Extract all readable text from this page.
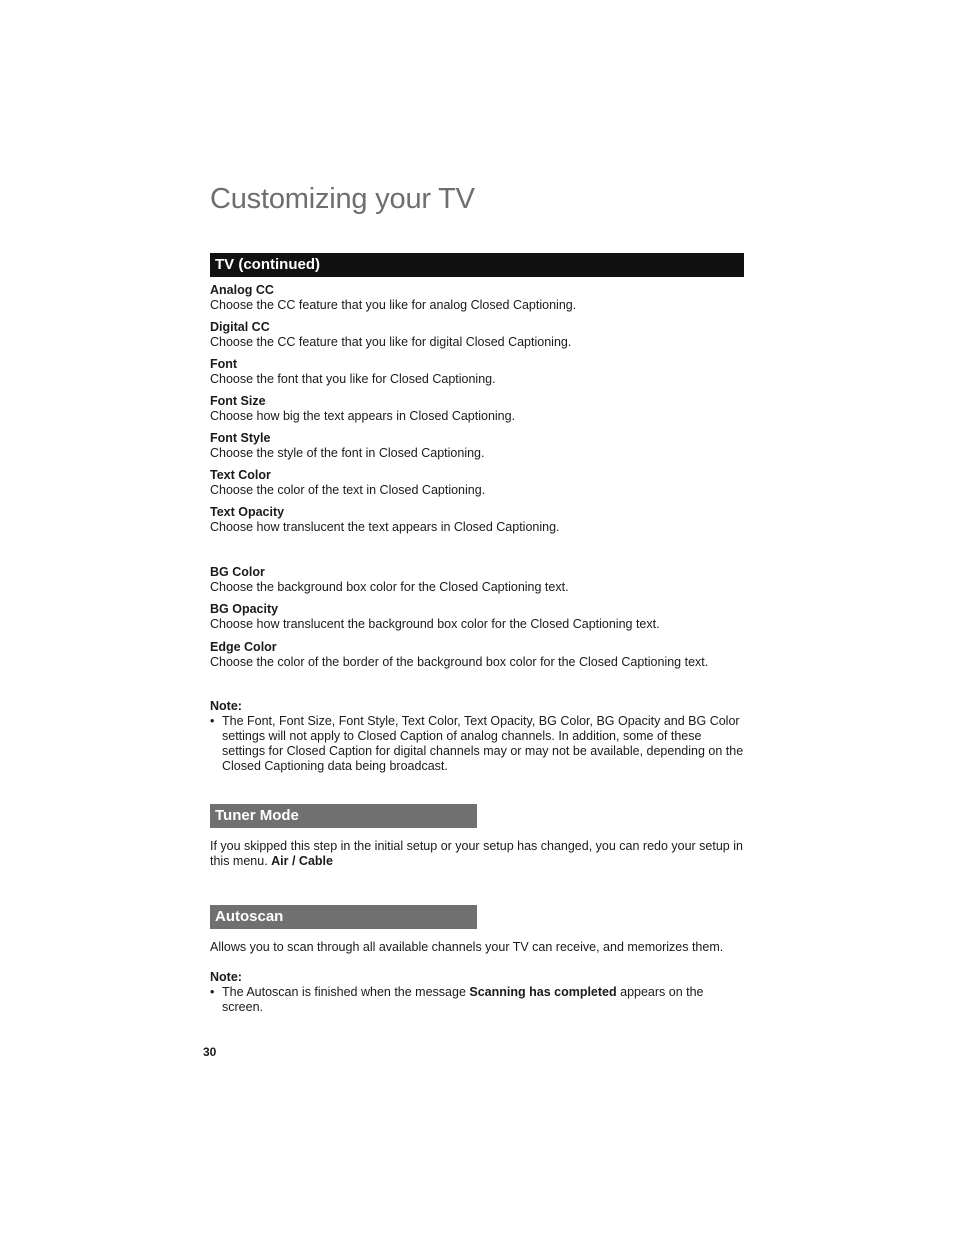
Customizing your TV
TV (continued)
Analog CC
Choose the CC feature that you like for analog Closed Captioning.
Digital CC
Choose the CC feature that you like for digital Closed Captioning.
Font
Choose the font that you like for Closed Captioning.
Font Size
Choose how big the text appears in Closed Captioning.
Font Style
Choose the style of the font in Closed Captioning.
Text Color
Choose the color of the text in Closed Captioning.
Text Opacity
Choose how translucent the text appears in Closed Captioning.
BG Color
Choose the background box color for the Closed Captioning text.
BG Opacity
Choose how translucent the background box color for the Closed Captioning text.
Edge Color
Choose the color of the border of the background box color for the Closed Captioning text.
Note:
• The Font, Font Size, Font Style, Text Color, Text Opacity, BG Color, BG Opacity and BG Color settings will not apply to Closed Caption of analog channels. In addition, some of these settings for Closed Caption for digital channels may or may not be available, depending on the Closed Captioning data being broadcast.
Tuner Mode
If you skipped this step in the initial setup or your setup has changed, you can redo your setup in this menu. Air / Cable
Autoscan
Allows you to scan through all available channels your TV can receive, and memorizes them.
Note:
• The Autoscan is finished when the message Scanning has completed appears on the screen.
30
